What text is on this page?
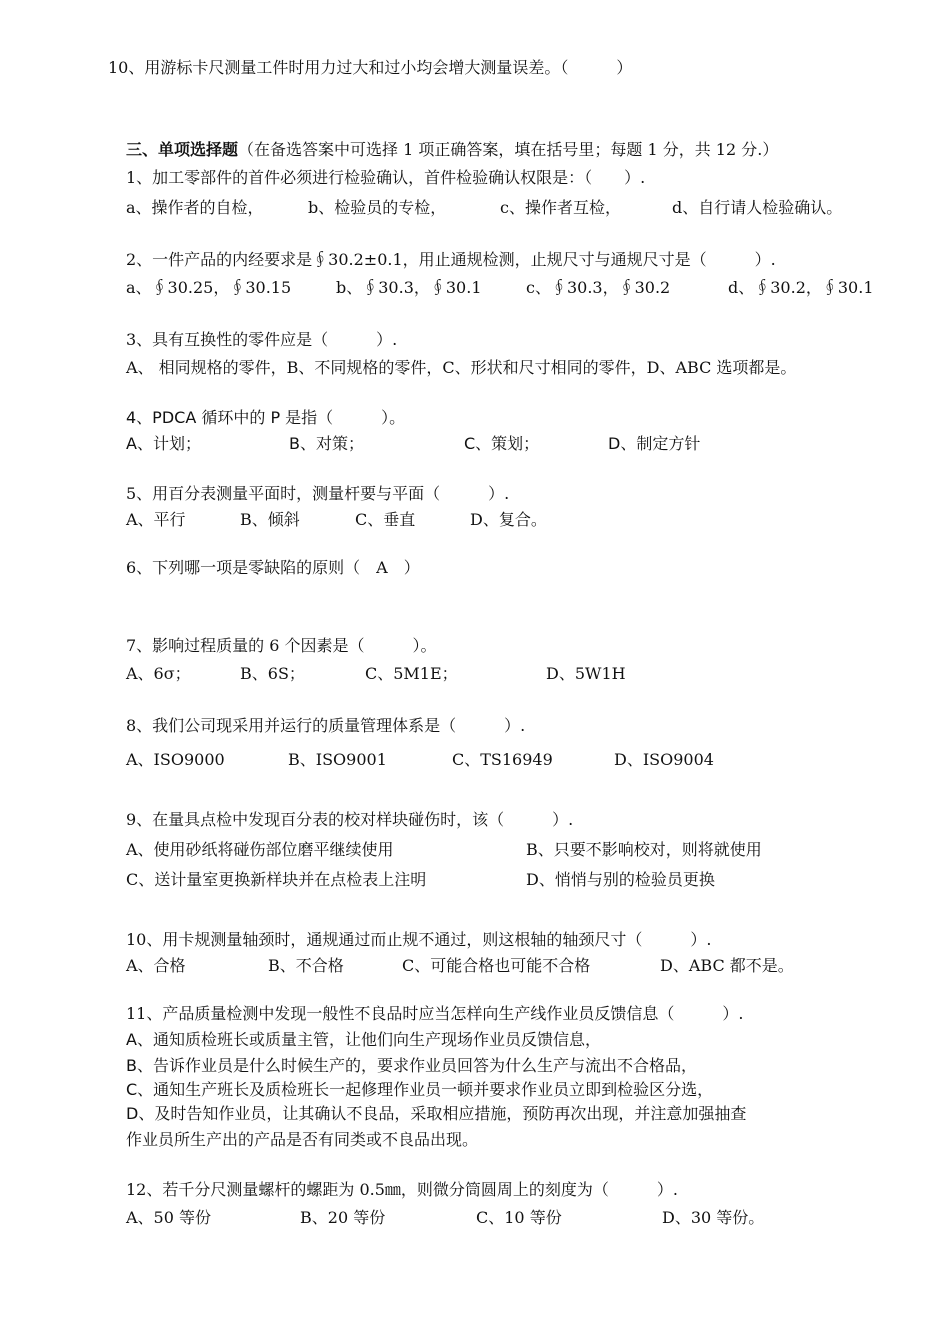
10、用游标卡尺测量工件时用力过大和过小均会增大测量误差。（　　　）
三、单项选择题（在备选答案中可选择 1 项正确答案，填在括号里；每题 1 分，共 12 分.）
1、加工零部件的首件必须进行检验确认，首件检验确认权限是：（　　）.
a、操作者的自检，	b、检验员的专检，	c、操作者互检，	d、自行请人检验确认。
2、一件产品的内经要求是∮30.2±0.1，用止通规检测，止规尺寸与通规尺寸是（　　　）.
a、∮30.25，∮30.15	b、∮30.3，∮30.1	c、∮30.3，∮30.2	d、∮30.2，∮30.1
3、具有互换性的零件应是（　　　）.
A、 相同规格的零件，B、不同规格的零件，C、形状和尺寸相同的零件，D、ABC 选项都是。
4、PDCA 循环中的 P 是指（　　　）。
A、计划；	B、对策；	C、策划；	D、制定方针
5、用百分表测量平面时，测量杆要与平面（　　　）.
A、平行	B、倾斜	C、垂直	D、复合。
6、下列哪一项是零缺陷的原则（　A　）
7、影响过程质量的 6 个因素是（　　　）。
A、6σ；	B、6S；	C、5M1E；	D、5W1H
8、我们公司现采用并运行的质量管理体系是（　　　）.
A、ISO9000	B、ISO9001	C、TS16949	D、ISO9004
9、在量具点检中发现百分表的校对样块碰伤时，该（　　　）.
A、使用砂纸将碰伤部位磨平继续使用	B、只要不影响校对，则将就使用
C、送计量室更换新样块并在点检表上注明	D、悄悄与别的检验员更换
10、用卡规测量轴颈时，通规通过而止规不通过，则这根轴的轴颈尺寸（　　　）.
A、合格	B、不合格	C、可能合格也可能不合格	D、ABC 都不是。
11、产品质量检测中发现一般性不良品时应当怎样向生产线作业员反馈信息（　　　）.
A、通知质检班长或质量主管，让他们向生产现场作业员反馈信息，
B、告诉作业员是什么时候生产的，要求作业员回答为什么生产与流出不合格品，
C、通知生产班长及质检班长一起修理作业员一顿并要求作业员立即到检验区分选，
D、及时告知作业员，让其确认不良品，采取相应措施，预防再次出现，并注意加强抽查
作业员所生产出的产品是否有同类或不良品出现。
12、若千分尺测量螺杆的螺距为 0.5㎜，则微分筒圆周上的刻度为（　　　）.
A、50 等份	B、20 等份	C、10 等份	D、30 等份。
